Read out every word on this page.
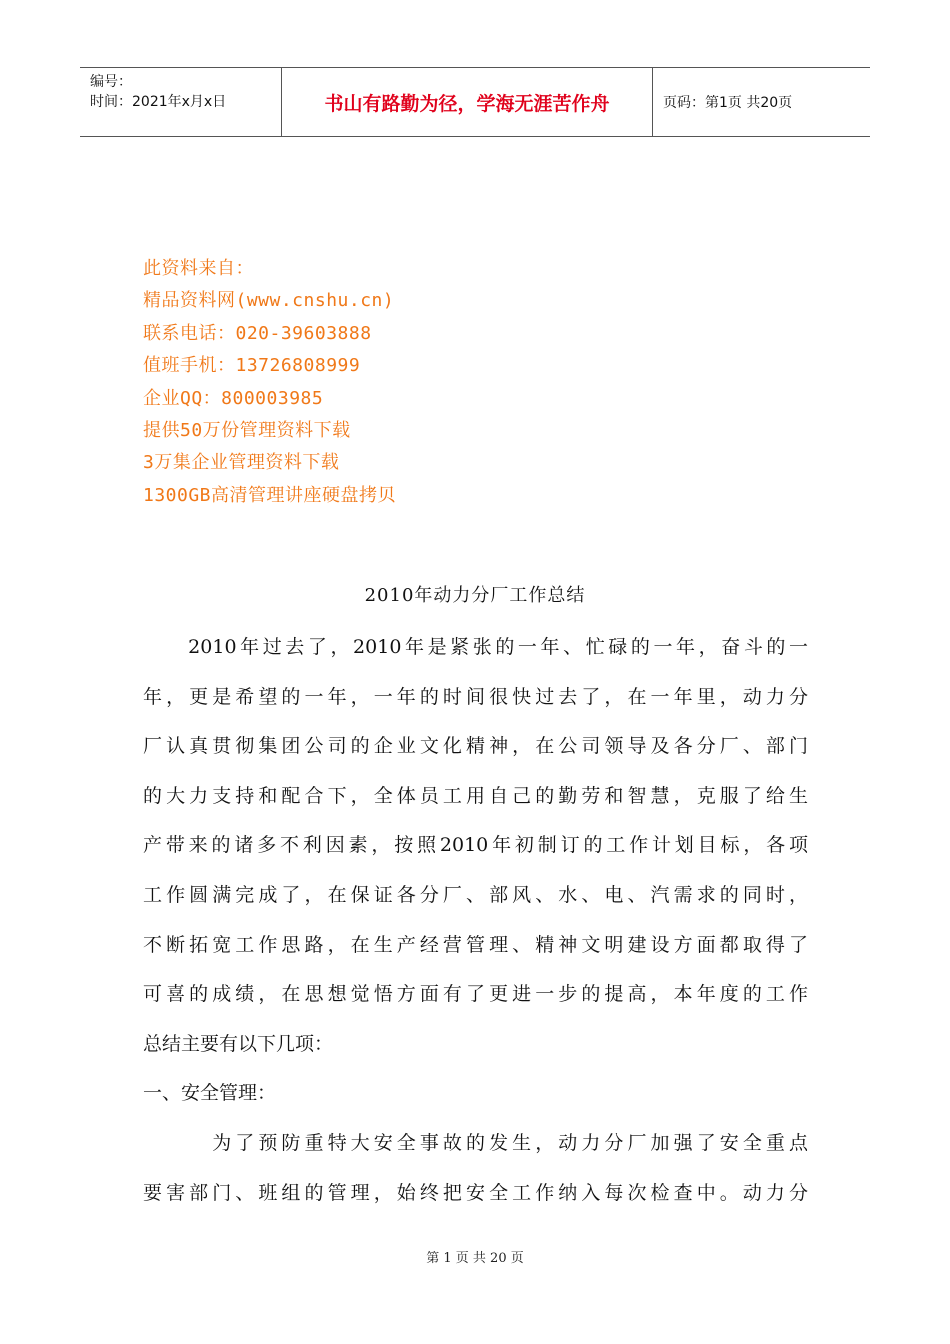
编号：
时间：2021年x月x日	书山有路勤为径，学海无涯苦作舟	页码：第1页 共20页
此资料来自：
精品资料网(www.cnshu.cn)
联系电话：020-39603888
值班手机：13726808999
企业QQ：800003985
提供50万份管理资料下载
3万集企业管理资料下载
1300GB高清管理讲座硬盘拷贝
2010年动力分厂工作总结
　　2010年过去了，2010年是紧张的一年、忙碌的一年，奋斗的一
年，更是希望的一年，一年的时间很快过去了，在一年里，动力分
厂认真贯彻集团公司的企业文化精神，在公司领导及各分厂、部门
的大力支持和配合下，全体员工用自己的勤劳和智慧，克服了给生
产带来的诸多不利因素，按照2010年初制订的工作计划目标，各项
工作圆满完成了，在保证各分厂、部风、水、电、汽需求的同时，
不断拓宽工作思路，在生产经营管理、精神文明建设方面都取得了
可喜的成绩，在思想觉悟方面有了更进一步的提高，本年度的工作
总结主要有以下几项：
一、安全管理：
　　　为了预防重特大安全事故的发生，动力分厂加强了安全重点
要害部门、班组的管理，始终把安全工作纳入每次检查中。动力分
第 1 页 共 20 页
